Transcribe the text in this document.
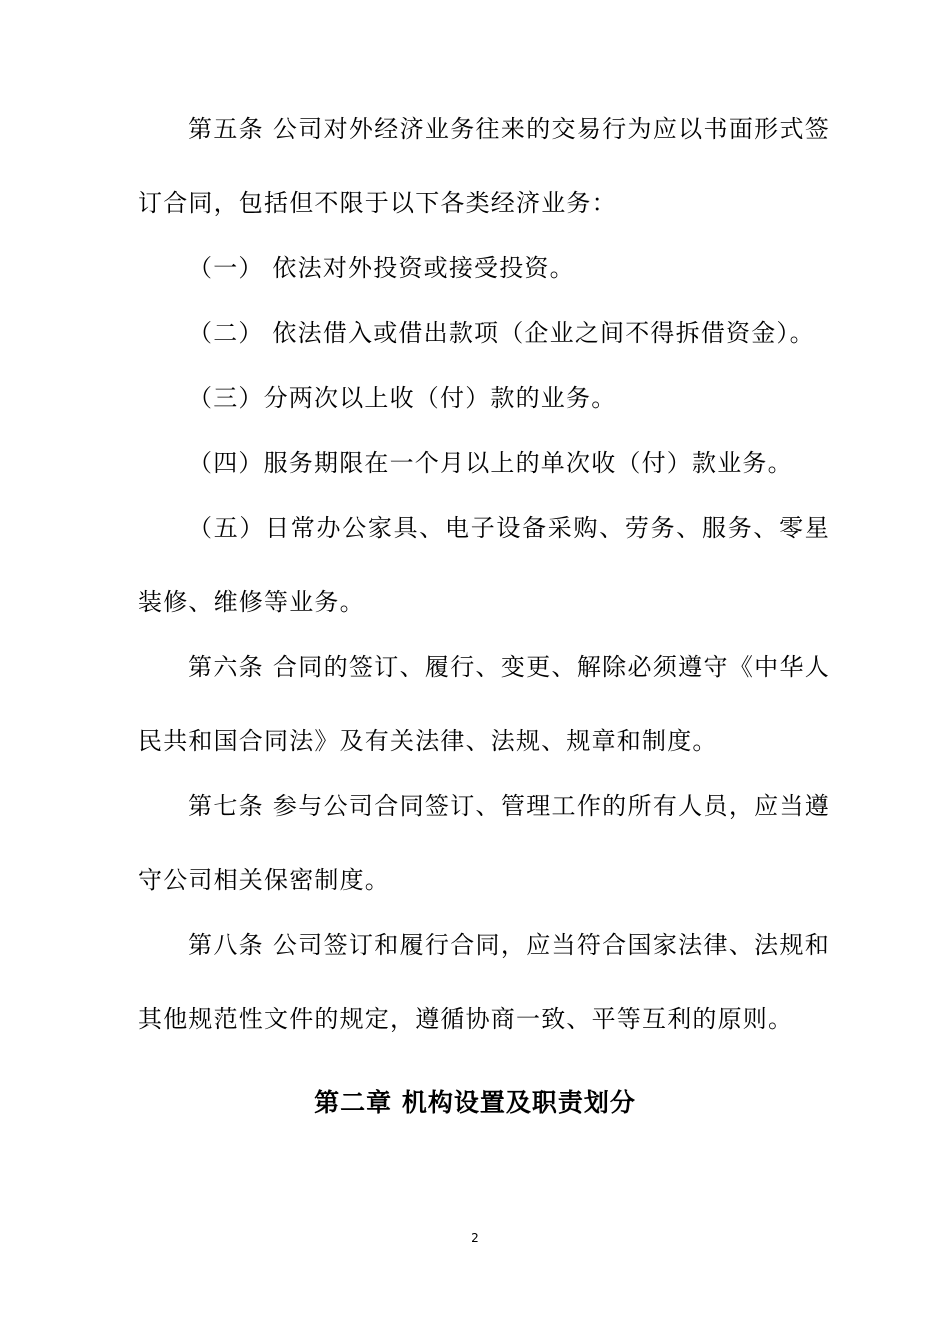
第五条 公司对外经济业务往来的交易行为应以书面形式签
订合同，包括但不限于以下各类经济业务：
（一） 依法对外投资或接受投资。
（二） 依法借入或借出款项（企业之间不得拆借资金）。
（三）分两次以上收（付）款的业务。
（四）服务期限在一个月以上的单次收（付）款业务。
（五）日常办公家具、电子设备采购、劳务、服务、零星
装修、维修等业务。
第六条 合同的签订、履行、变更、解除必须遵守《中华人
民共和国合同法》及有关法律、法规、规章和制度。
第七条 参与公司合同签订、管理工作的所有人员，应当遵
守公司相关保密制度。
第八条 公司签订和履行合同，应当符合国家法律、法规和
其他规范性文件的规定，遵循协商一致、平等互利的原则。
第二章 机构设置及职责划分
2
